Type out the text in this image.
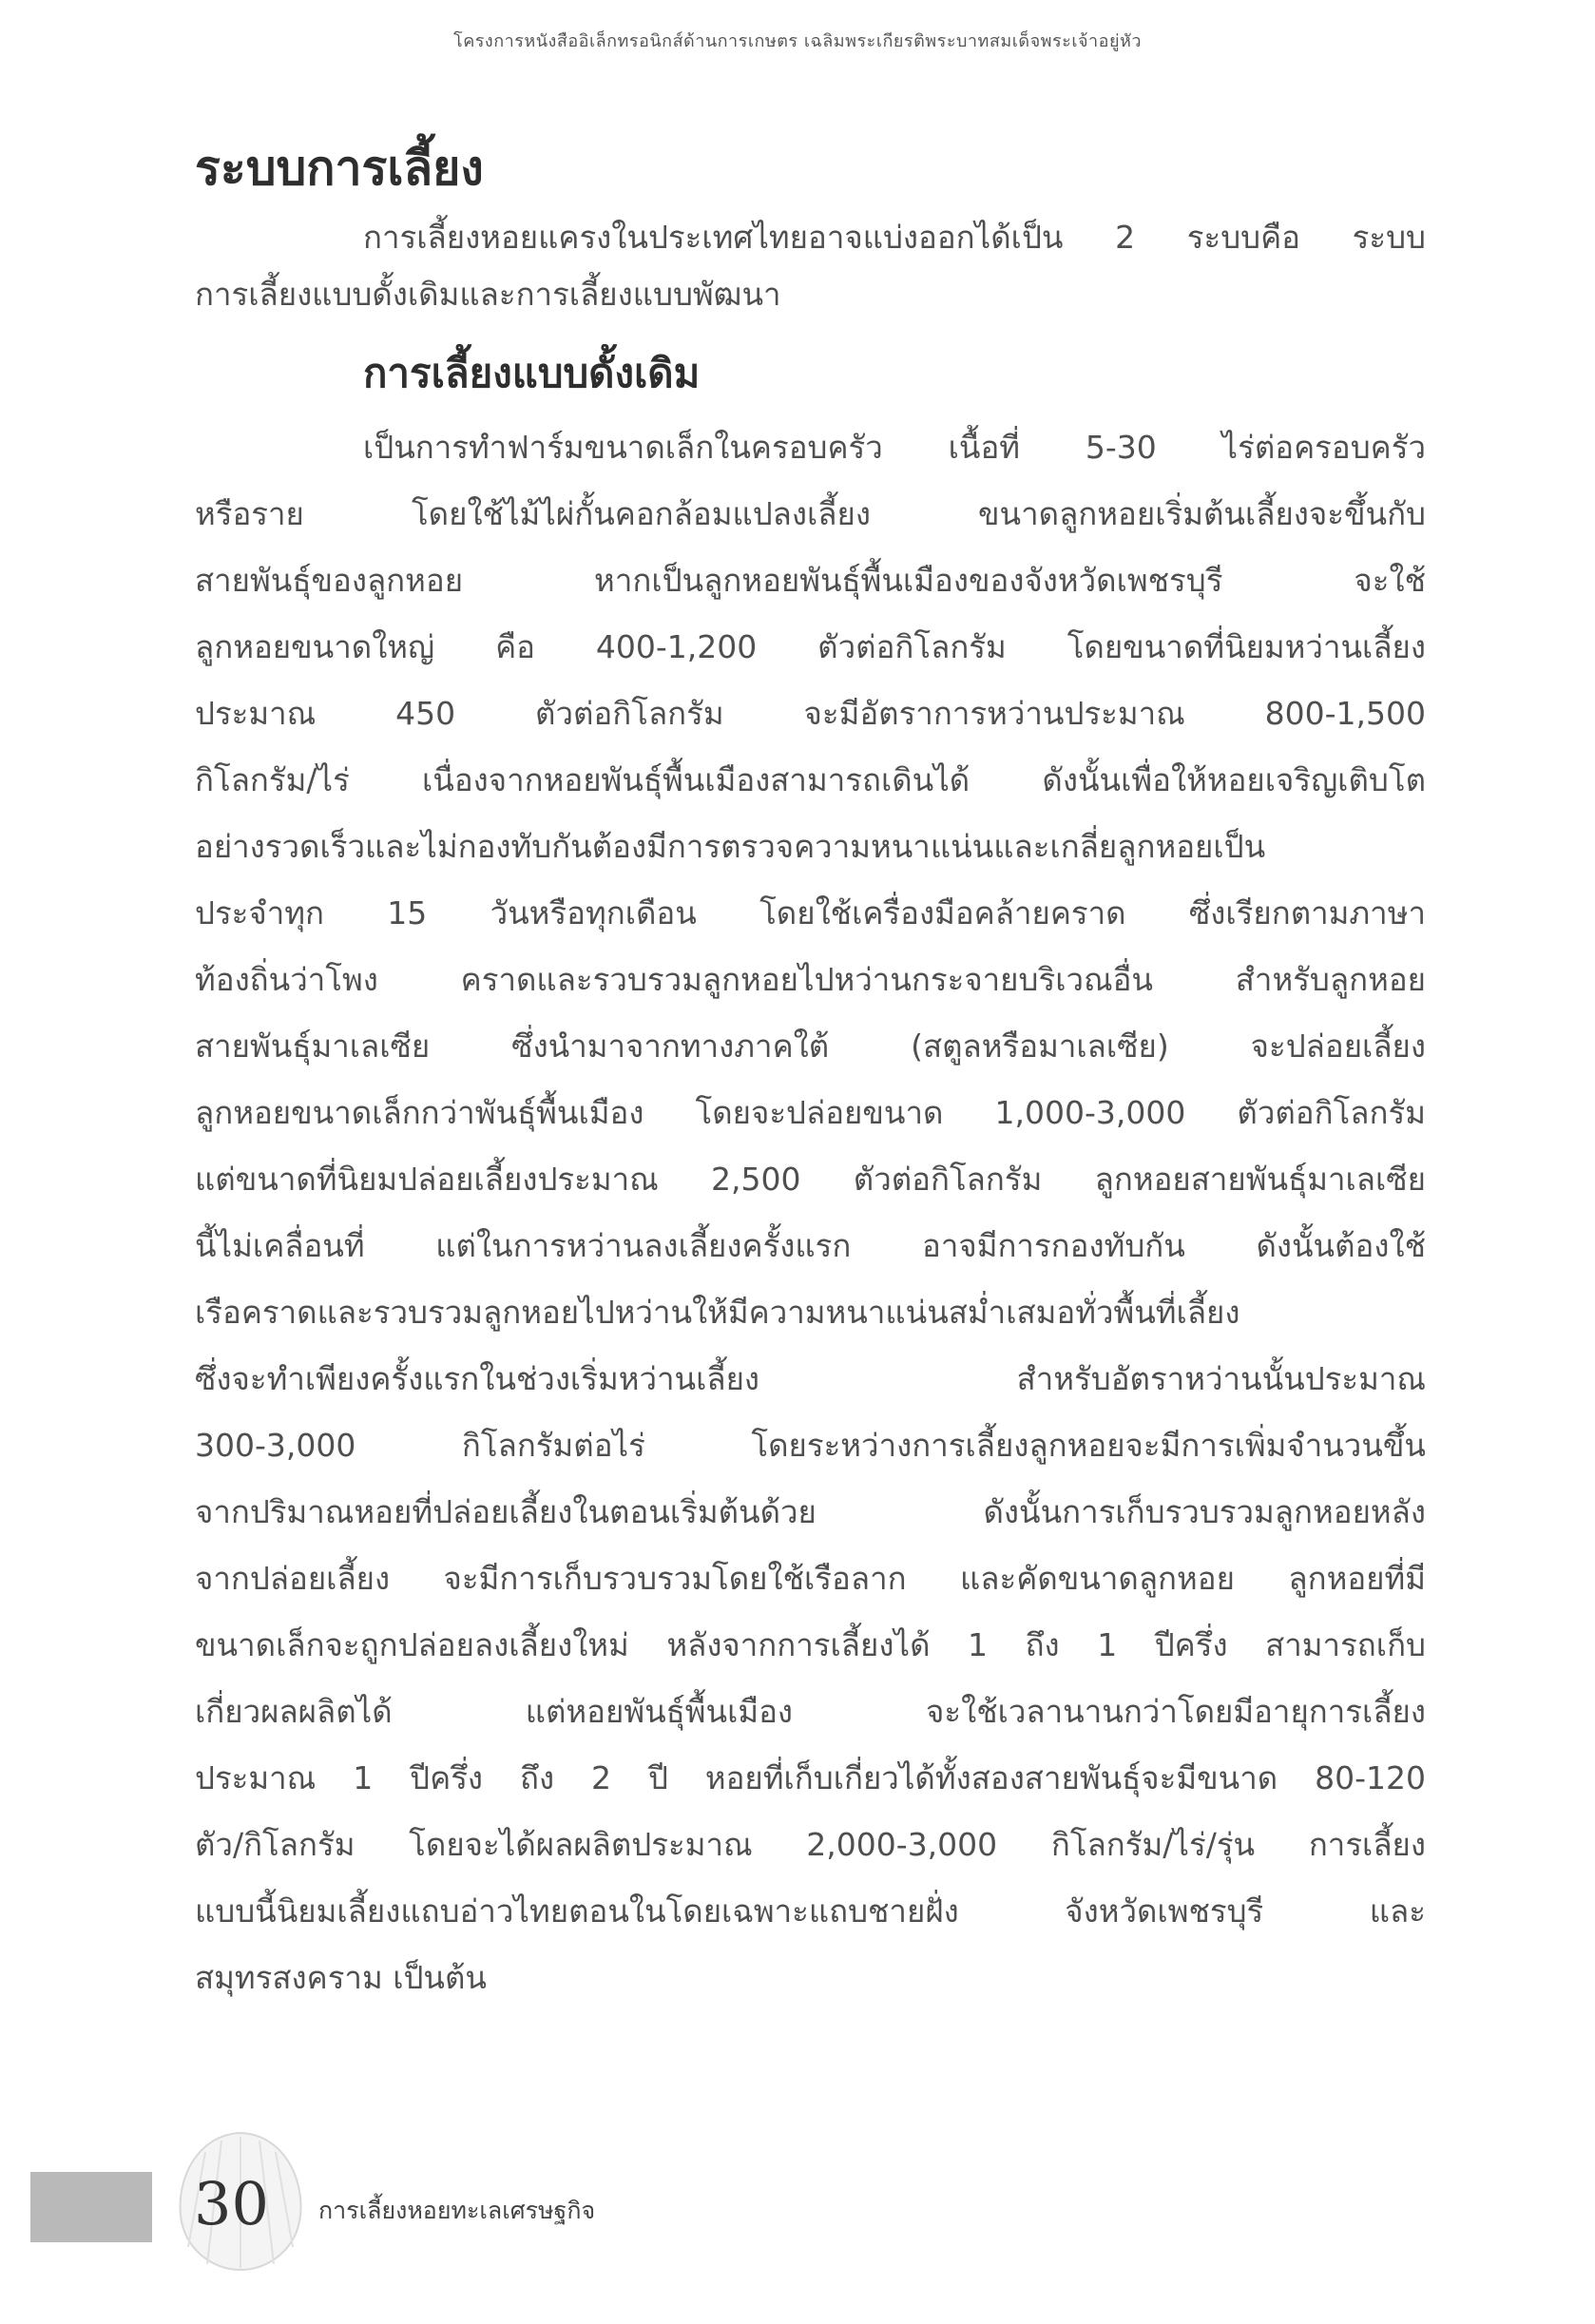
โครงการหนังสืออิเล็กทรอนิกส์ด้านการเกษตร เฉลิมพระเกียรติพระบาทสมเด็จพระเจ้าอยู่หัว
ระบบการเลี้ยง
การเลี้ยงหอยแครงในประเทศไทยอาจแบ่งออกได้เป็น 2 ระบบคือ ระบบ
การเลี้ยงแบบดั้งเดิมและการเลี้ยงแบบพัฒนา
การเลี้ยงแบบดั้งเดิม
เป็นการทำฟาร์มขนาดเล็กในครอบครัว เนื้อที่ 5-30 ไร่ต่อครอบครัว
หรือราย โดยใช้ไม้ไผ่กั้นคอกล้อมแปลงเลี้ยง ขนาดลูกหอยเริ่มต้นเลี้ยงจะขึ้นกับ
สายพันธุ์ของลูกหอย หากเป็นลูกหอยพันธุ์พื้นเมืองของจังหวัดเพชรบุรี จะใช้
ลูกหอยขนาดใหญ่ คือ 400-1,200 ตัวต่อกิโลกรัม โดยขนาดที่นิยมหว่านเลี้ยง
ประมาณ 450 ตัวต่อกิโลกรัม จะมีอัตราการหว่านประมาณ 800-1,500
กิโลกรัม/ไร่ เนื่องจากหอยพันธุ์พื้นเมืองสามารถเดินได้ ดังนั้นเพื่อให้หอยเจริญเติบโต
อย่างรวดเร็วและไม่กองทับกันต้องมีการตรวจความหนาแน่นและเกลี่ยลูกหอยเป็น
ประจำทุก 15 วันหรือทุกเดือน โดยใช้เครื่องมือคล้ายคราด ซึ่งเรียกตามภาษา
ท้องถิ่นว่าโพง คราดและรวบรวมลูกหอยไปหว่านกระจายบริเวณอื่น สำหรับลูกหอย
สายพันธุ์มาเลเซีย ซึ่งนำมาจากทางภาคใต้ (สตูลหรือมาเลเซีย) จะปล่อยเลี้ยง
ลูกหอยขนาดเล็กกว่าพันธุ์พื้นเมือง โดยจะปล่อยขนาด 1,000-3,000 ตัวต่อกิโลกรัม
แต่ขนาดที่นิยมปล่อยเลี้ยงประมาณ 2,500 ตัวต่อกิโลกรัม ลูกหอยสายพันธุ์มาเลเซีย
นี้ไม่เคลื่อนที่ แต่ในการหว่านลงเลี้ยงครั้งแรก อาจมีการกองทับกัน ดังนั้นต้องใช้
เรือคราดและรวบรวมลูกหอยไปหว่านให้มีความหนาแน่นสม่ำเสมอทั่วพื้นที่เลี้ยง
ซึ่งจะทำเพียงครั้งแรกในช่วงเริ่มหว่านเลี้ยง สำหรับอัตราหว่านนั้นประมาณ
300-3,000 กิโลกรัมต่อไร่ โดยระหว่างการเลี้ยงลูกหอยจะมีการเพิ่มจำนวนขึ้น
จากปริมาณหอยที่ปล่อยเลี้ยงในตอนเริ่มต้นด้วย ดังนั้นการเก็บรวบรวมลูกหอยหลัง
จากปล่อยเลี้ยง จะมีการเก็บรวบรวมโดยใช้เรือลาก และคัดขนาดลูกหอย ลูกหอยที่มี
ขนาดเล็กจะถูกปล่อยลงเลี้ยงใหม่ หลังจากการเลี้ยงได้ 1 ถึง 1 ปีครึ่ง สามารถเก็บ
เกี่ยวผลผลิตได้ แต่หอยพันธุ์พื้นเมือง จะใช้เวลานานกว่าโดยมีอายุการเลี้ยง
ประมาณ 1 ปีครึ่ง ถึง 2 ปี หอยที่เก็บเกี่ยวได้ทั้งสองสายพันธุ์จะมีขนาด 80-120
ตัว/กิโลกรัม โดยจะได้ผลผลิตประมาณ 2,000-3,000 กิโลกรัม/ไร่/รุ่น การเลี้ยง
แบบนี้นิยมเลี้ยงแถบอ่าวไทยตอนในโดยเฉพาะแถบชายฝั่ง จังหวัดเพชรบุรี และ
สมุทรสงคราม เป็นต้น
30 การเลี้ยงหอยทะเลเศรษฐกิจ
